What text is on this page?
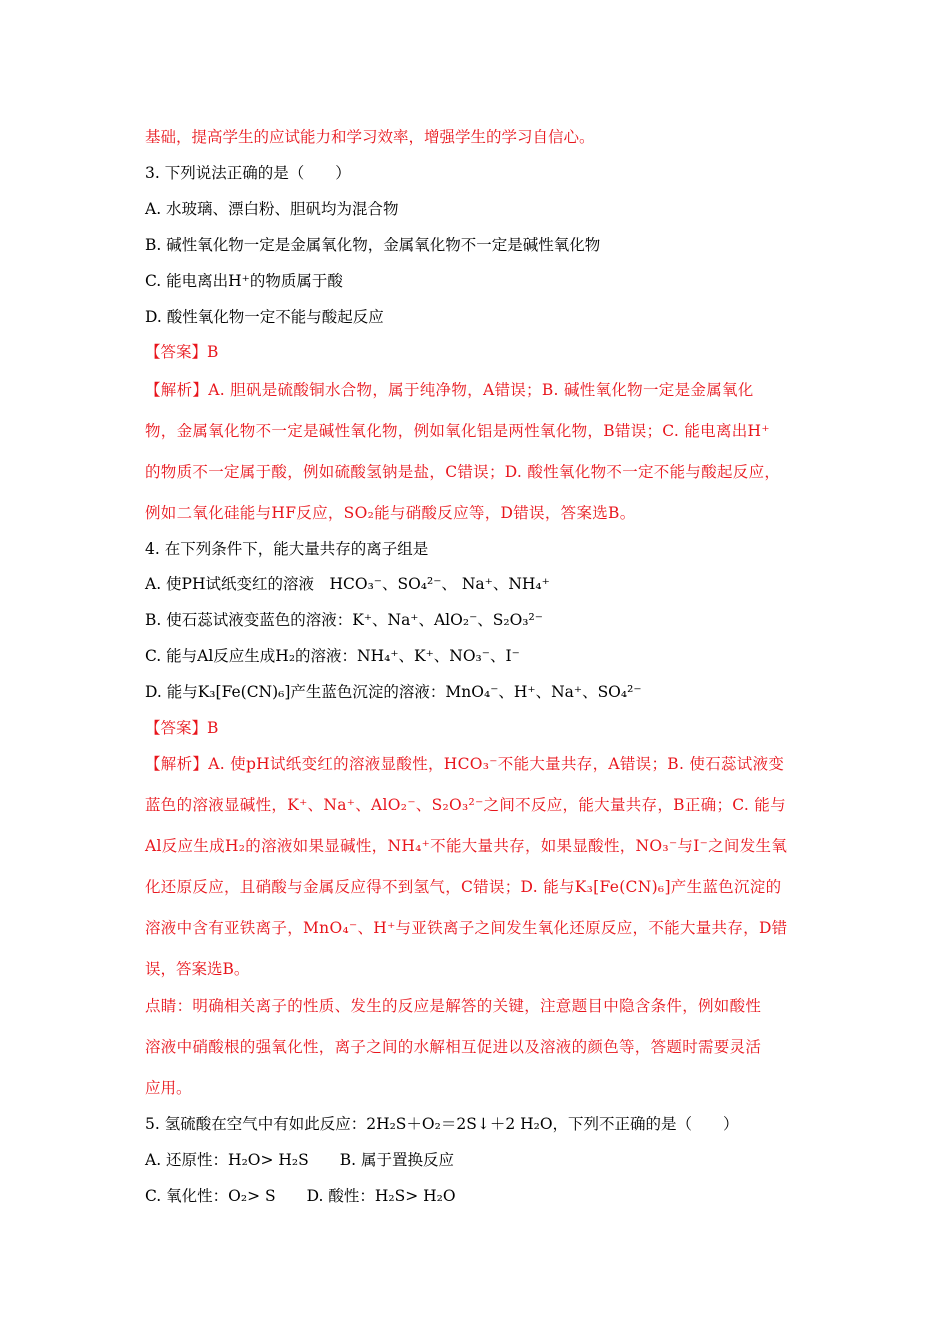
基础，提高学生的应试能力和学习效率，增强学生的学习自信心。
3. 下列说法正确的是（　　）
A. 水玻璃、漂白粉、胆矾均为混合物
B. 碱性氧化物一定是金属氧化物，金属氧化物不一定是碱性氧化物
C. 能电离出H⁺的物质属于酸
D. 酸性氧化物一定不能与酸起反应
【答案】B
【解析】A. 胆矾是硫酸铜水合物，属于纯净物，A错误；B. 碱性氧化物一定是金属氧化
物，金属氧化物不一定是碱性氧化物，例如氧化铝是两性氧化物，B错误；C. 能电离出H⁺
的物质不一定属于酸，例如硫酸氢钠是盐，C错误；D. 酸性氧化物不一定不能与酸起反应，
例如二氧化硅能与HF反应，SO₂能与硝酸反应等，D错误，答案选B。
4. 在下列条件下，能大量共存的离子组是
A. 使PH试纸变红的溶液　HCO₃⁻、SO₄²⁻、 Na⁺、NH₄⁺
B. 使石蕊试液变蓝色的溶液：K⁺、Na⁺、AlO₂⁻、S₂O₃²⁻
C. 能与Al反应生成H₂的溶液：NH₄⁺、K⁺、NO₃⁻、I⁻
D. 能与K₃[Fe(CN)₆]产生蓝色沉淀的溶液：MnO₄⁻、H⁺、Na⁺、SO₄²⁻
【答案】B
【解析】A. 使pH试纸变红的溶液显酸性，HCO₃⁻不能大量共存，A错误；B. 使石蕊试液变
蓝色的溶液显碱性，K⁺、Na⁺、AlO₂⁻、S₂O₃²⁻之间不反应，能大量共存，B正确；C. 能与
Al反应生成H₂的溶液如果显碱性，NH₄⁺不能大量共存，如果显酸性，NO₃⁻与I⁻之间发生氧
化还原反应，且硝酸与金属反应得不到氢气，C错误；D. 能与K₃[Fe(CN)₆]产生蓝色沉淀的
溶液中含有亚铁离子，MnO₄⁻、H⁺与亚铁离子之间发生氧化还原反应，不能大量共存，D错
误，答案选B。
点睛：明确相关离子的性质、发生的反应是解答的关键，注意题目中隐含条件，例如酸性
溶液中硝酸根的强氧化性，离子之间的水解相互促进以及溶液的颜色等，答题时需要灵活
应用。
5. 氢硫酸在空气中有如此反应：2H₂S＋O₂＝2S↓＋2 H₂O，下列不正确的是（　　）
A. 还原性：H₂O> H₂S　　B. 属于置换反应
C. 氧化性：O₂> S　　D. 酸性：H₂S> H₂O
